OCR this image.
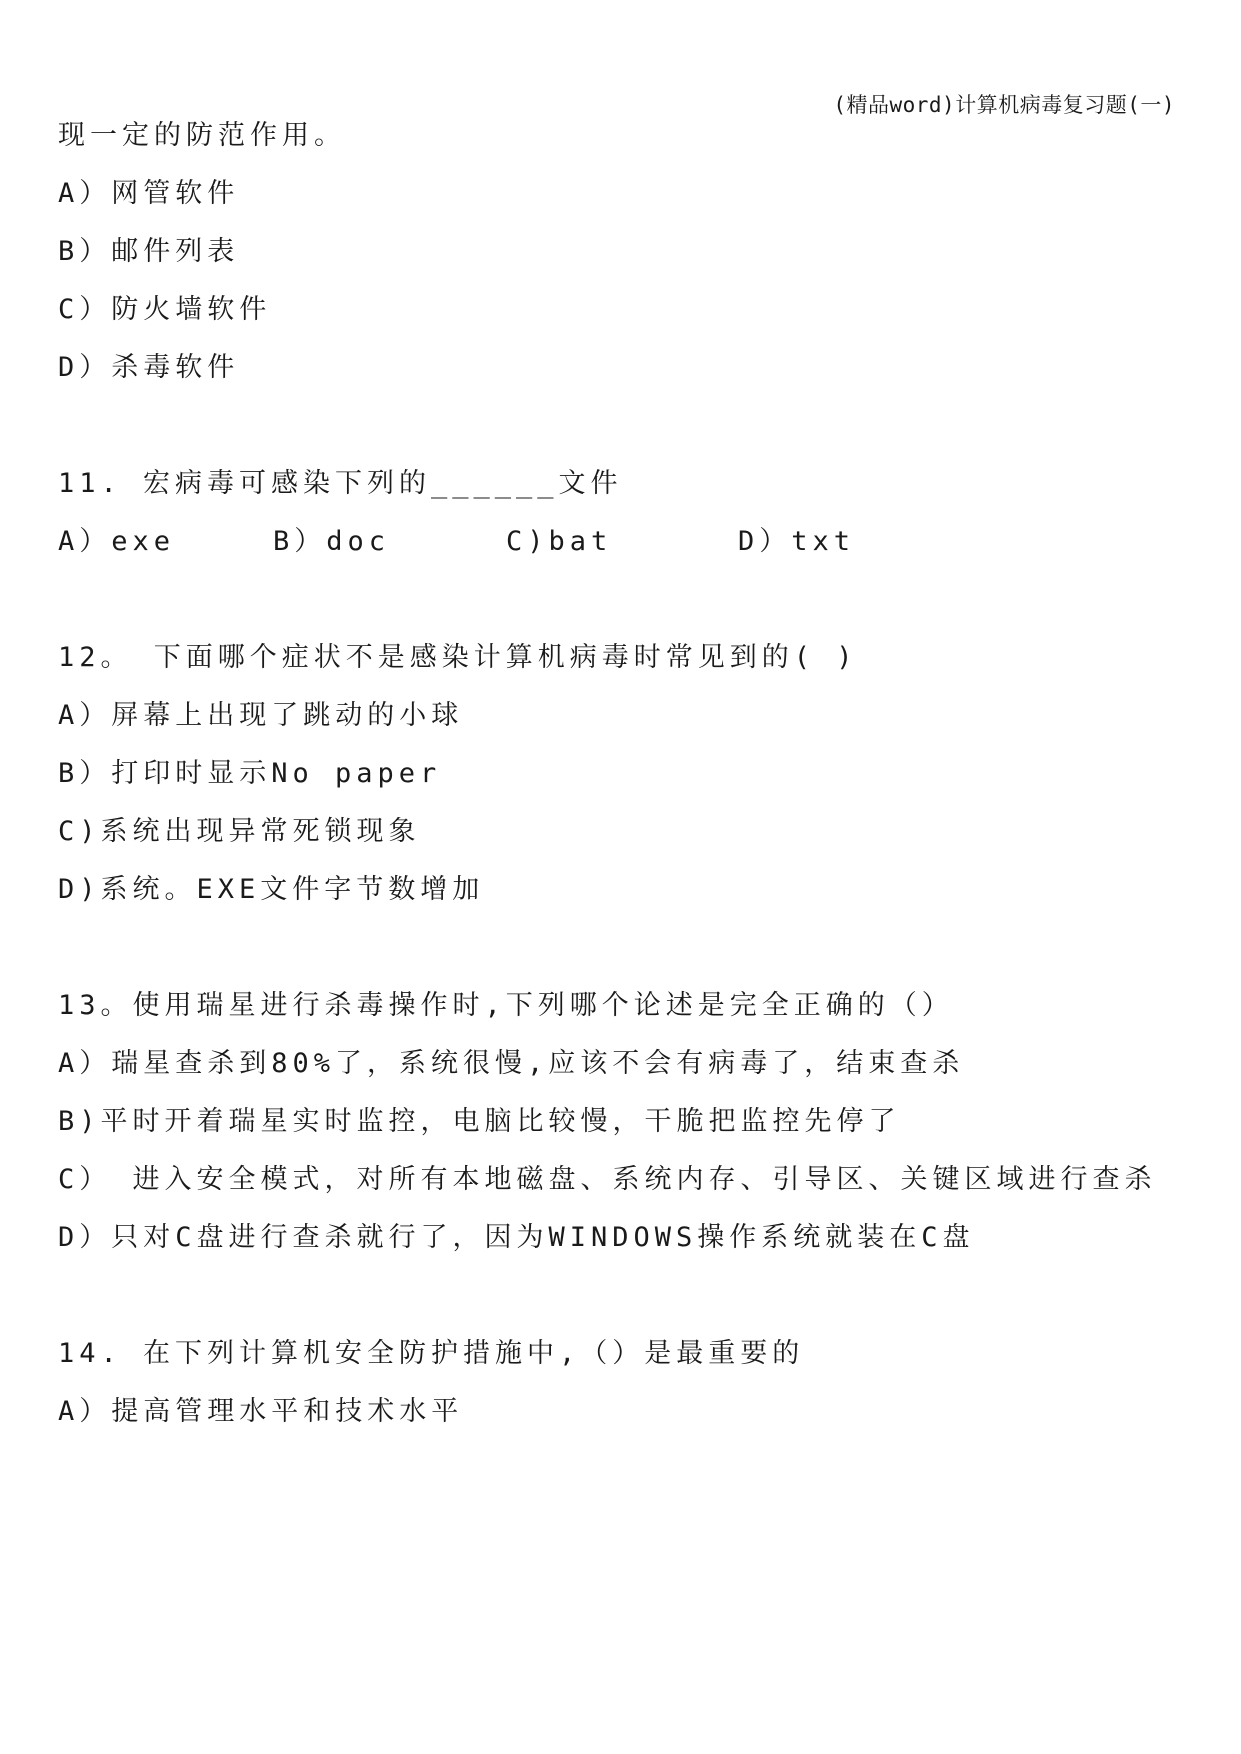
(精品word)计算机病毒复习题(一)
现一定的防范作用。
A）网管软件
B）邮件列表
C）防火墙软件
D）杀毒软件
11. 宏病毒可感染下列的______文件

A）exe

	B）doc

	C)bat

	D）txt

12。 下面哪个症状不是感染计算机病毒时常见到的( )
A）屏幕上出现了跳动的小球
B）打印时显示No paper
C)系统出现异常死锁现象
D)系统。EXE文件字节数增加
13。使用瑞星进行杀毒操作时,下列哪个论述是完全正确的（）
A）瑞星查杀到80%了，系统很慢,应该不会有病毒了，结束查杀
B)平时开着瑞星实时监控，电脑比较慢，干脆把监控先停了
C） 进入安全模式，对所有本地磁盘、系统内存、引导区、关键区域进行查杀
D）只对C盘进行查杀就行了，因为WINDOWS操作系统就装在C盘
14. 在下列计算机安全防护措施中,（）是最重要的
A）提高管理水平和技术水平
